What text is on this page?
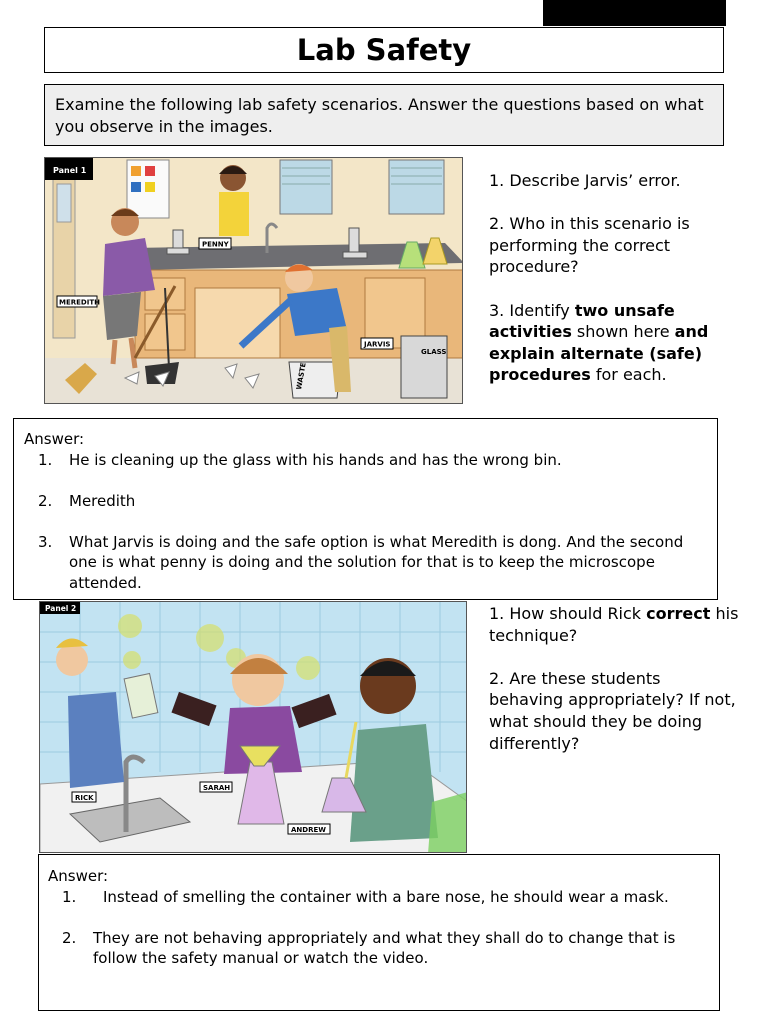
Lab Safety
Examine the following lab safety scenarios. Answer the questions based on what you observe in the images.
Panel 1
MEREDITH
PENNY
JARVIS
GLASS
WASTE

1. Describe Jarvis’ error.

2. Who in this scenario is performing the correct procedure?

3. Identify two unsafe activities shown here and explain alternate (safe) procedures for each.

Answer:
1. He is cleaning up the glass with his hands and has the wrong bin.
2. Meredith
3. What Jarvis is doing and the safe option is what Meredith is dong. And the second one is what penny is doing and the solution for that is to keep the microscope attended.
Panel 2
RICK
SARAH
ANDREW

1. How should Rick correct his technique?

2. Are these students behaving appropriately? If not, what should they be doing differently?

Answer:
1. Instead of smelling the container with a bare nose, he should wear a mask.
2. They are not behaving appropriately and what they shall do to change that is follow the safety manual or watch the video.
